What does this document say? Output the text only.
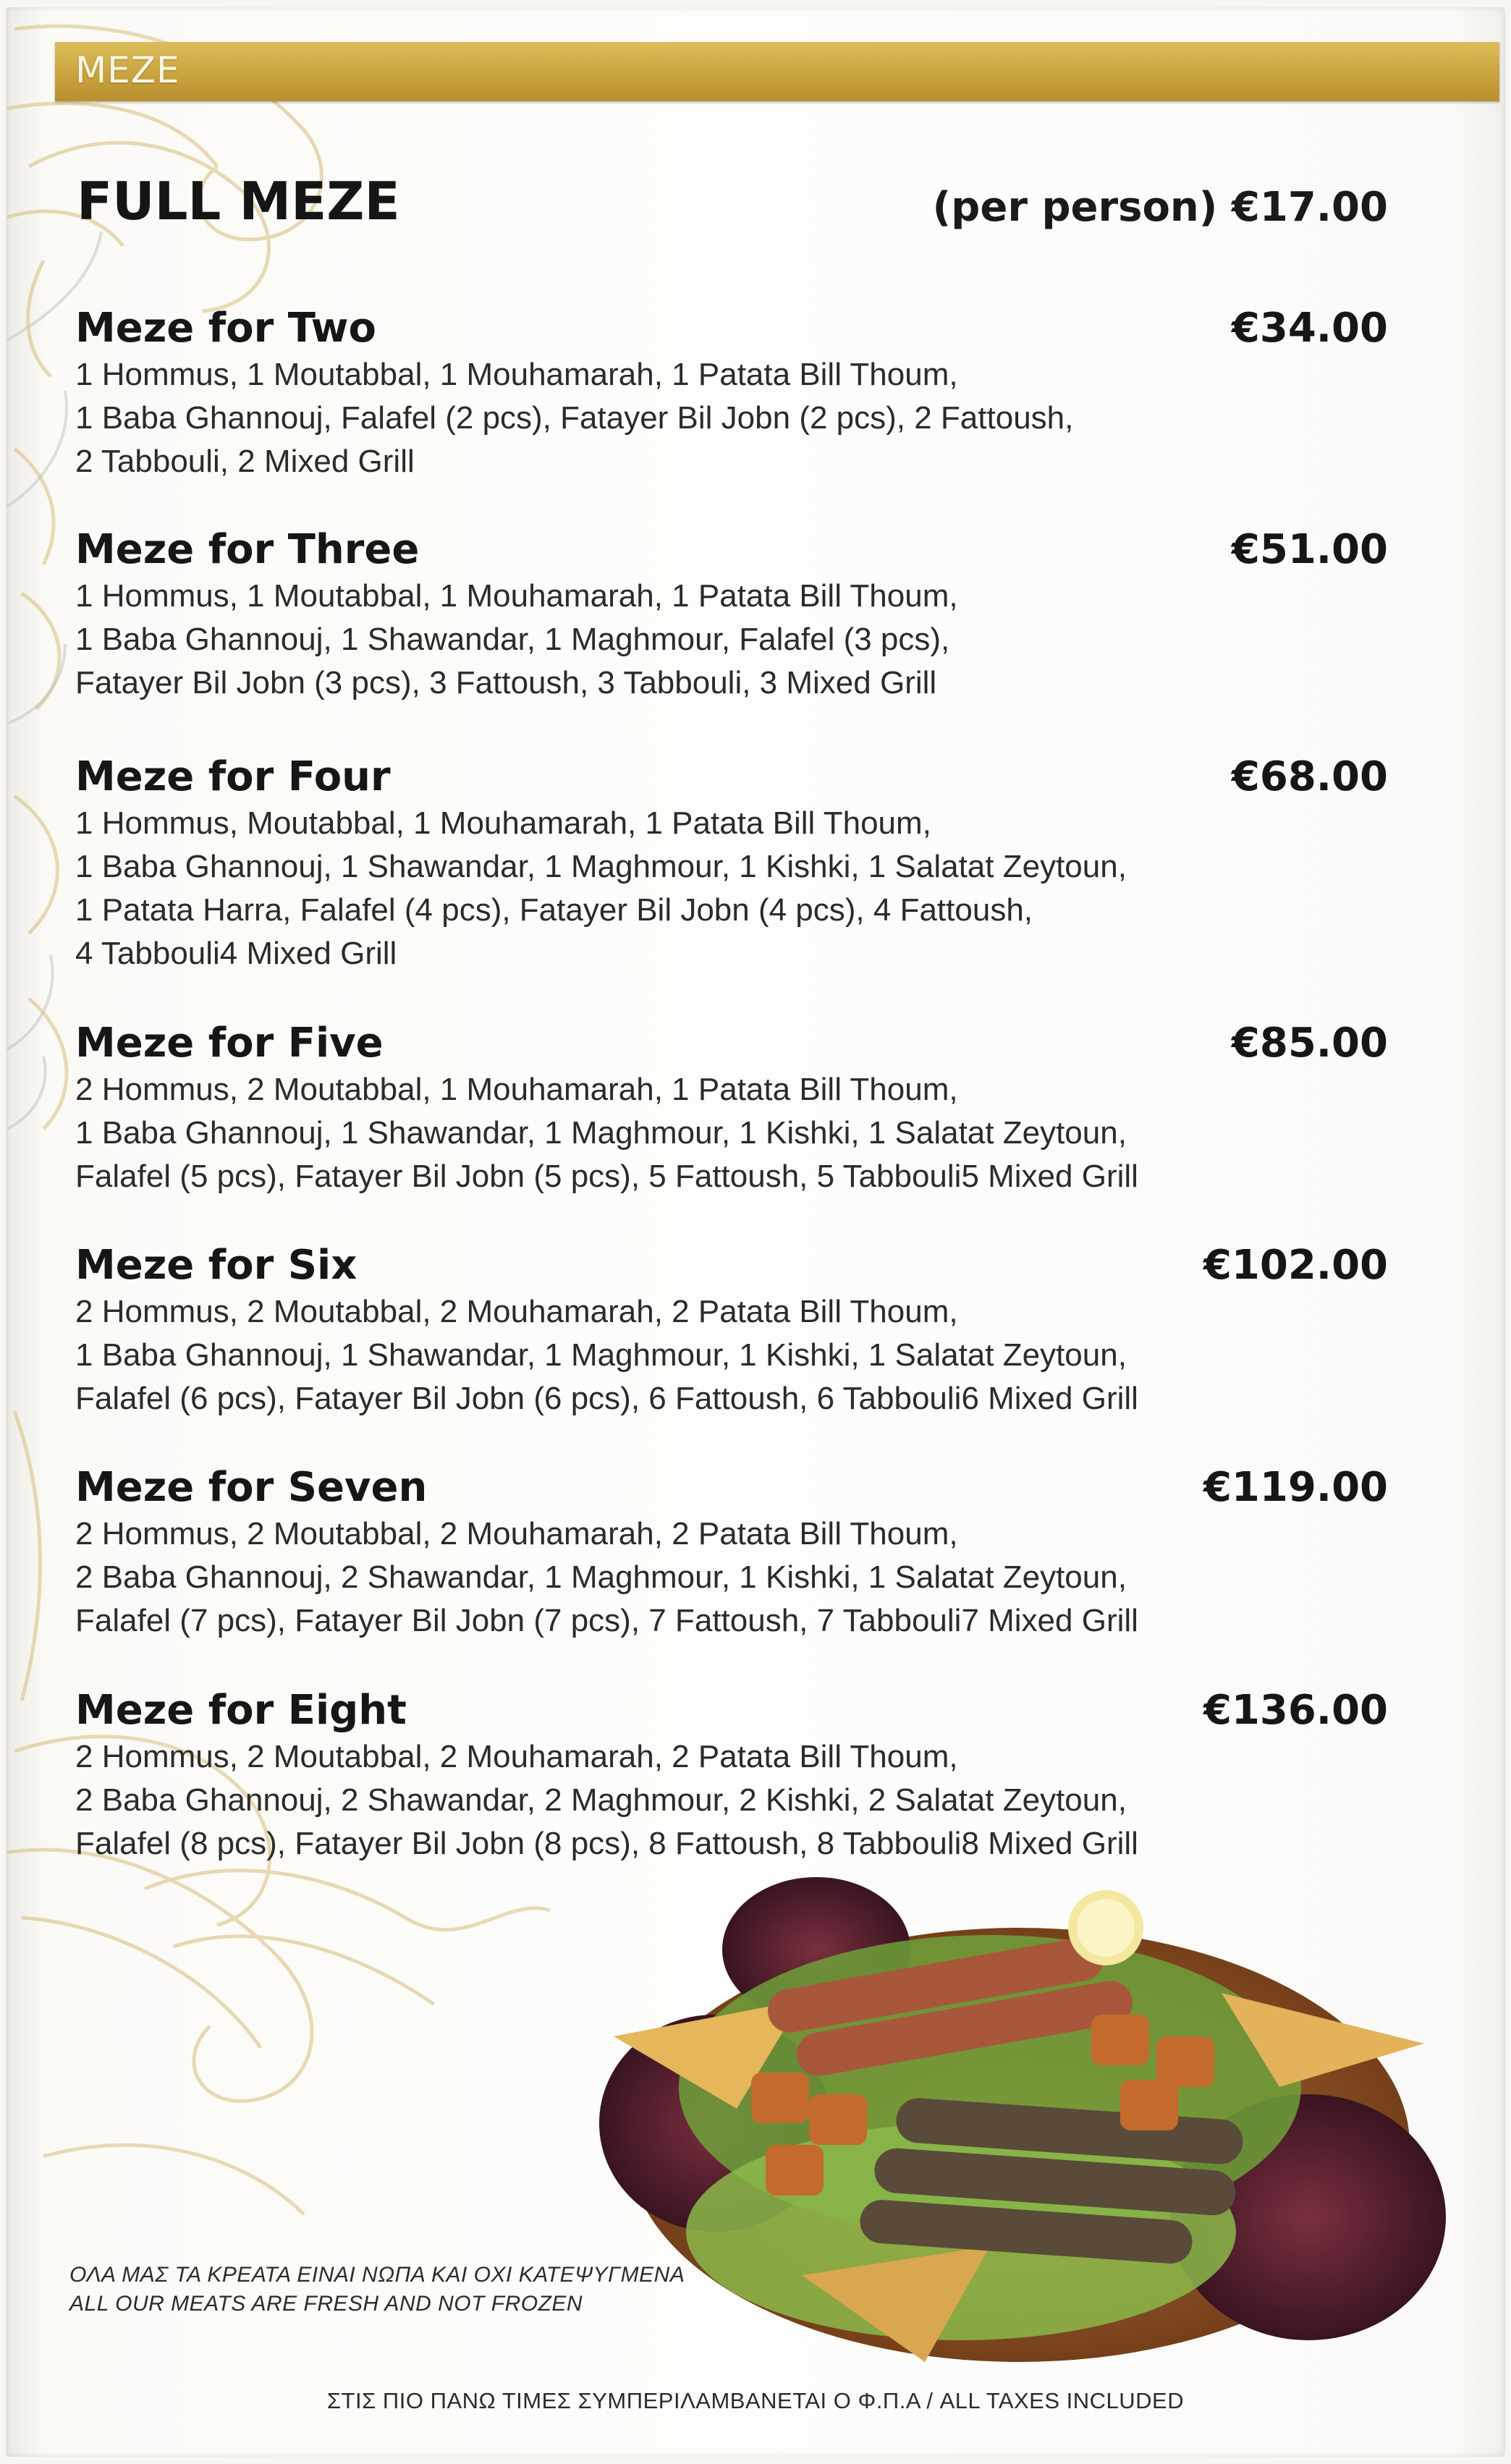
MEZE
FULL MEZE	(per person) €17.00
Meze for Two	€34.00
1 Hommus, 1 Moutabbal, 1 Mouhamarah, 1 Patata Bill Thoum,
1 Baba Ghannouj, Falafel (2 pcs), Fatayer Bil Jobn (2 pcs), 2 Fattoush,
2 Tabbouli, 2 Mixed Grill
Meze for Three	€51.00
1 Hommus, 1 Moutabbal, 1 Mouhamarah, 1 Patata Bill Thoum,
1 Baba Ghannouj, 1 Shawandar, 1 Maghmour, Falafel (3 pcs),
Fatayer Bil Jobn (3 pcs), 3 Fattoush, 3 Tabbouli, 3 Mixed Grill
Meze for Four	€68.00
1 Hommus, Moutabbal, 1 Mouhamarah, 1 Patata Bill Thoum,
1 Baba Ghannouj, 1 Shawandar, 1 Maghmour, 1 Kishki, 1 Salatat Zeytoun,
1 Patata Harra, Falafel (4 pcs), Fatayer Bil Jobn (4 pcs), 4 Fattoush,
4 Tabbouli4 Mixed Grill
Meze for Five	€85.00
2 Hommus, 2 Moutabbal, 1 Mouhamarah, 1 Patata Bill Thoum,
1 Baba Ghannouj, 1 Shawandar, 1 Maghmour, 1 Kishki, 1 Salatat Zeytoun,
Falafel (5 pcs), Fatayer Bil Jobn (5 pcs), 5 Fattoush, 5 Tabbouli5 Mixed Grill
Meze for Six	€102.00
2 Hommus, 2 Moutabbal, 2 Mouhamarah, 2 Patata Bill Thoum,
1 Baba Ghannouj, 1 Shawandar, 1 Maghmour, 1 Kishki, 1 Salatat Zeytoun,
Falafel (6 pcs), Fatayer Bil Jobn (6 pcs), 6 Fattoush, 6 Tabbouli6 Mixed Grill
Meze for Seven	€119.00
2 Hommus, 2 Moutabbal, 2 Mouhamarah, 2 Patata Bill Thoum,
2 Baba Ghannouj, 2 Shawandar, 1 Maghmour, 1 Kishki, 1 Salatat Zeytoun,
Falafel (7 pcs), Fatayer Bil Jobn (7 pcs), 7 Fattoush, 7 Tabbouli7 Mixed Grill
Meze for Eight	€136.00
2 Hommus, 2 Moutabbal, 2 Mouhamarah, 2 Patata Bill Thoum,
2 Baba Ghannouj, 2 Shawandar, 2 Maghmour, 2 Kishki, 2 Salatat Zeytoun,
Falafel (8 pcs), Fatayer Bil Jobn (8 pcs), 8 Fattoush, 8 Tabbouli8 Mixed Grill
ΟΛΑ ΜΑΣ ΤΑ ΚΡΕΑΤΑ ΕΙΝΑΙ ΝΩΠΑ ΚΑΙ ΟΧΙ ΚΑΤΕΨΥΓΜΕΝΑ
ALL OUR MEATS ARE FRESH AND NOT FROZEN
ΣΤΙΣ ΠΙΟ ΠΑΝΩ ΤΙΜΕΣ ΣΥΜΠΕΡΙΛΑΜΒΑΝΕΤΑΙ Ο Φ.Π.Α / ALL TAXES INCLUDED
